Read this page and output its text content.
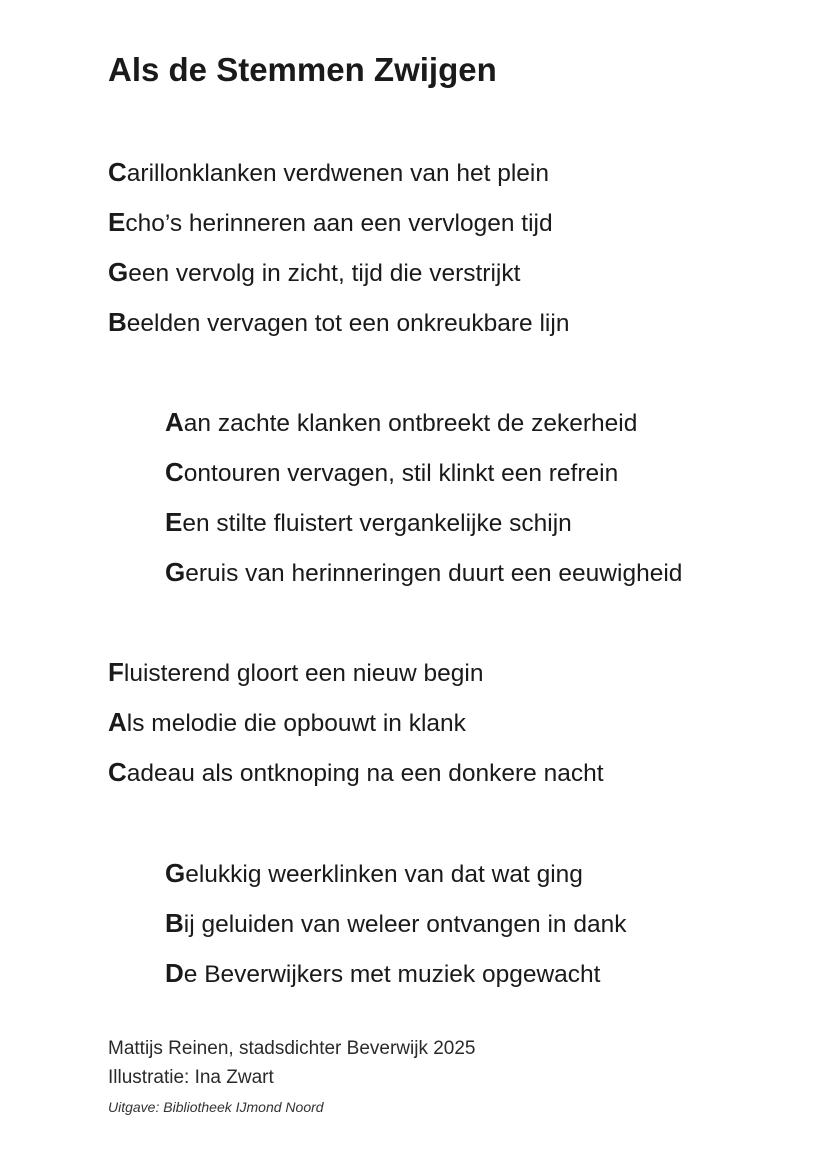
Als de Stemmen Zwijgen
Carillonklanken verdwenen van het plein
Echo’s herinneren aan een vervlogen tijd
Geen vervolg in zicht, tijd die verstrijkt
Beelden vervagen tot een onkreukbare lijn
Aan zachte klanken ontbreekt de zekerheid
Contouren vervagen, stil klinkt een refrein
Een stilte fluistert vergankelijke schijn
Geruis van herinneringen duurt een eeuwigheid
Fluisterend gloort een nieuw begin
Als melodie die opbouwt in klank
Cadeau als ontknoping na een donkere nacht
Gelukkig weerklinken van dat wat ging
Bij geluiden van weleer ontvangen in dank
De Beverwijkers met muziek opgewacht
Mattijs Reinen, stadsdichter Beverwijk 2025
Illustratie: Ina Zwart
Uitgave: Bibliotheek IJmond Noord
